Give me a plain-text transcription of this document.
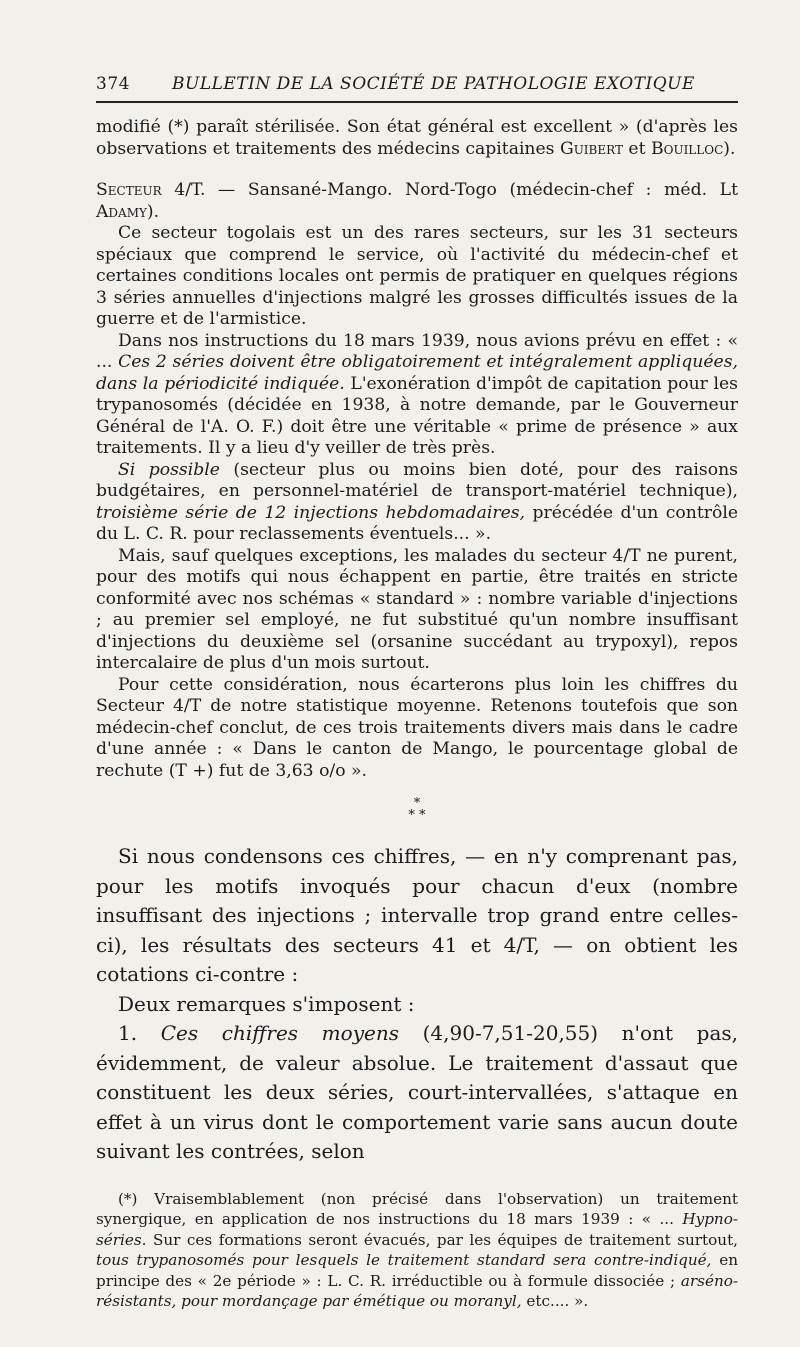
374 BULLETIN DE LA SOCIÉTÉ DE PATHOLOGIE EXOTIQUE

modifié (*) paraît stérilisée. Son état général est excellent » (d'après les observations et traitements des médecins capitaines Guibert et Bouilloc).

Secteur 4/T. — Sansané-Mango. Nord-Togo (médecin-chef : méd. Lt Adamy).

Ce secteur togolais est un des rares secteurs, sur les 31 secteurs spéciaux que comprend le service, où l'activité du médecin-chef et certaines conditions locales ont permis de pratiquer en quelques régions 3 séries annuelles d'injections malgré les grosses difficultés issues de la guerre et de l'armistice.

Dans nos instructions du 18 mars 1939, nous avions prévu en effet : « ... Ces 2 séries doivent être obligatoirement et intégralement appliquées, dans la périodicité indiquée. L'exonération d'impôt de capitation pour les trypanosomés (décidée en 1938, à notre demande, par le Gouverneur Général de l'A. O. F.) doit être une véritable « prime de présence » aux traitements. Il y a lieu d'y veiller de très près.

Si possible (secteur plus ou moins bien doté, pour des raisons budgétaires, en personnel-matériel de transport-matériel technique), troisième série de 12 injections hebdomadaires, précédée d'un contrôle du L. C. R. pour reclassements éventuels... ».

Mais, sauf quelques exceptions, les malades du secteur 4/T ne purent, pour des motifs qui nous échappent en partie, être traités en stricte conformité avec nos schémas « standard » : nombre variable d'injections ; au premier sel employé, ne fut substitué qu'un nombre insuffisant d'injections du deuxième sel (orsanine succédant au trypoxyl), repos intercalaire de plus d'un mois surtout.

Pour cette considération, nous écarterons plus loin les chiffres du Secteur 4/T de notre statistique moyenne. Retenons toutefois que son médecin-chef conclut, de ces trois traitements divers mais dans le cadre d'une année : « Dans le canton de Mango, le pourcentage global de rechute (T +) fut de 3,63 o/o ».

*
* *

Si nous condensons ces chiffres, — en n'y comprenant pas, pour les motifs invoqués pour chacun d'eux (nombre insuffisant des injections ; intervalle trop grand entre celles-ci), les résultats des secteurs 41 et 4/T, — on obtient les cotations ci-contre :

Deux remarques s'imposent :

1. Ces chiffres moyens (4,90-7,51-20,55) n'ont pas, évidemment, de valeur absolue. Le traitement d'assaut que constituent les deux séries, court-intervallées, s'attaque en effet à un virus dont le comportement varie sans aucun doute suivant les contrées, selon

(*) Vraisemblablement (non précisé dans l'observation) un traitement synergique, en application de nos instructions du 18 mars 1939 : « ... Hypno-séries. Sur ces formations seront évacués, par les équipes de traitement surtout, tous trypanosomés pour lesquels le traitement standard sera contre-indiqué, en principe des « 2e période » : L. C. R. irréductible ou à formule dissociée ; arséno-résistants, pour mordançage par émétique ou moranyl, etc.... ».
